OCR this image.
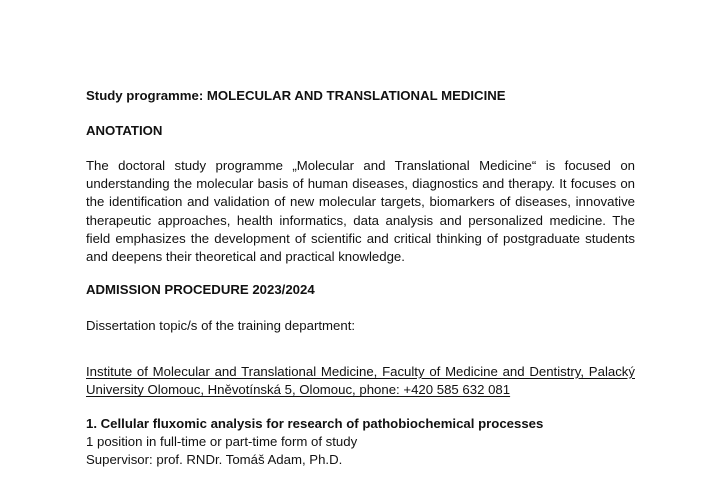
Study programme: MOLECULAR AND TRANSLATIONAL MEDICINE
ANOTATION
The doctoral study programme „Molecular and Translational Medicine“ is focused on understanding the molecular basis of human diseases, diagnostics and therapy. It focuses on the identification and validation of new molecular targets, biomarkers of diseases, innovative therapeutic approaches, health informatics, data analysis and personalized medicine. The field emphasizes the development of scientific and critical thinking of postgraduate students and deepens their theoretical and practical knowledge.
ADMISSION PROCEDURE 2023/2024
Dissertation topic/s of the training department:
Institute of Molecular and Translational Medicine, Faculty of Medicine and Dentistry, Palacký University Olomouc, Hněvotínská 5, Olomouc, phone: +420 585 632 081
1. Cellular fluxomic analysis for research of pathobiochemical processes
1 position in full-time or part-time form of study
Supervisor: prof. RNDr. Tomáš Adam, Ph.D.
